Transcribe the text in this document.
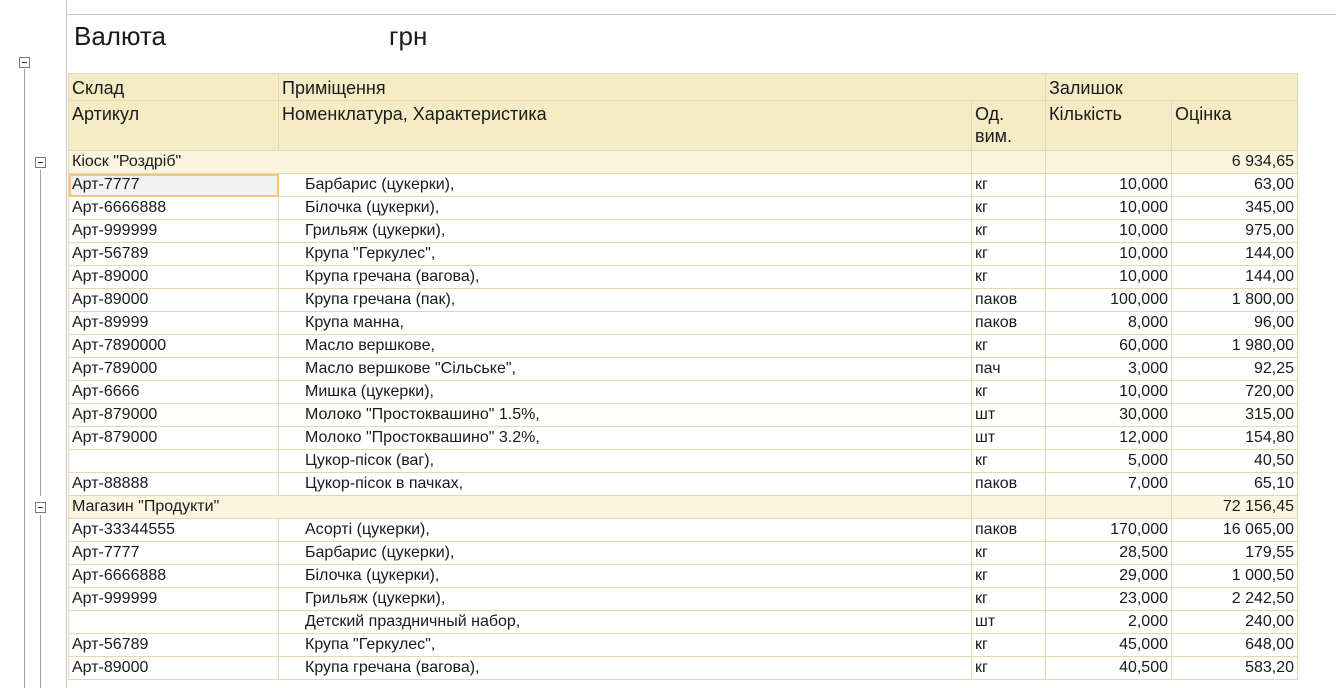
Валюта	грн
Склад	Приміщення		Залишок	
Артикул	Номенклатура, Характеристика	Од. вим.	Кількість	Оцінка
Кіоск "Роздріб"				6 934,65
Арт-7777	Барбарис (цукерки),	кг	10,000	63,00
Арт-6666888	Білочка (цукерки),	кг	10,000	345,00
Арт-999999	Грильяж (цукерки),	кг	10,000	975,00
Арт-56789	Крупа "Геркулес",	кг	10,000	144,00
Арт-89000	Крупа гречана (вагова),	кг	10,000	144,00
Арт-89000	Крупа гречана (пак),	паков	100,000	1 800,00
Арт-89999	Крупа манна,	паков	8,000	96,00
Арт-7890000	Масло вершкове,	кг	60,000	1 980,00
Арт-789000	Масло вершкове "Сільське",	пач	3,000	92,25
Арт-6666	Мишка (цукерки),	кг	10,000	720,00
Арт-879000	Молоко "Простоквашино" 1.5%,	шт	30,000	315,00
Арт-879000	Молоко "Простоквашино" 3.2%,	шт	12,000	154,80
	Цукор-пісок (ваг),	кг	5,000	40,50
Арт-88888	Цукор-пісок в пачках,	паков	7,000	65,10
Магазин "Продукти"				72 156,45
Арт-33344555	Асорті (цукерки),	паков	170,000	16 065,00
Арт-7777	Барбарис (цукерки),	кг	28,500	179,55
Арт-6666888	Білочка (цукерки),	кг	29,000	1 000,50
Арт-999999	Грильяж (цукерки),	кг	23,000	2 242,50
	Детский праздничный набор,	шт	2,000	240,00
Арт-56789	Крупа "Геркулес",	кг	45,000	648,00
Арт-89000	Крупа гречана (вагова),	кг	40,500	583,20
